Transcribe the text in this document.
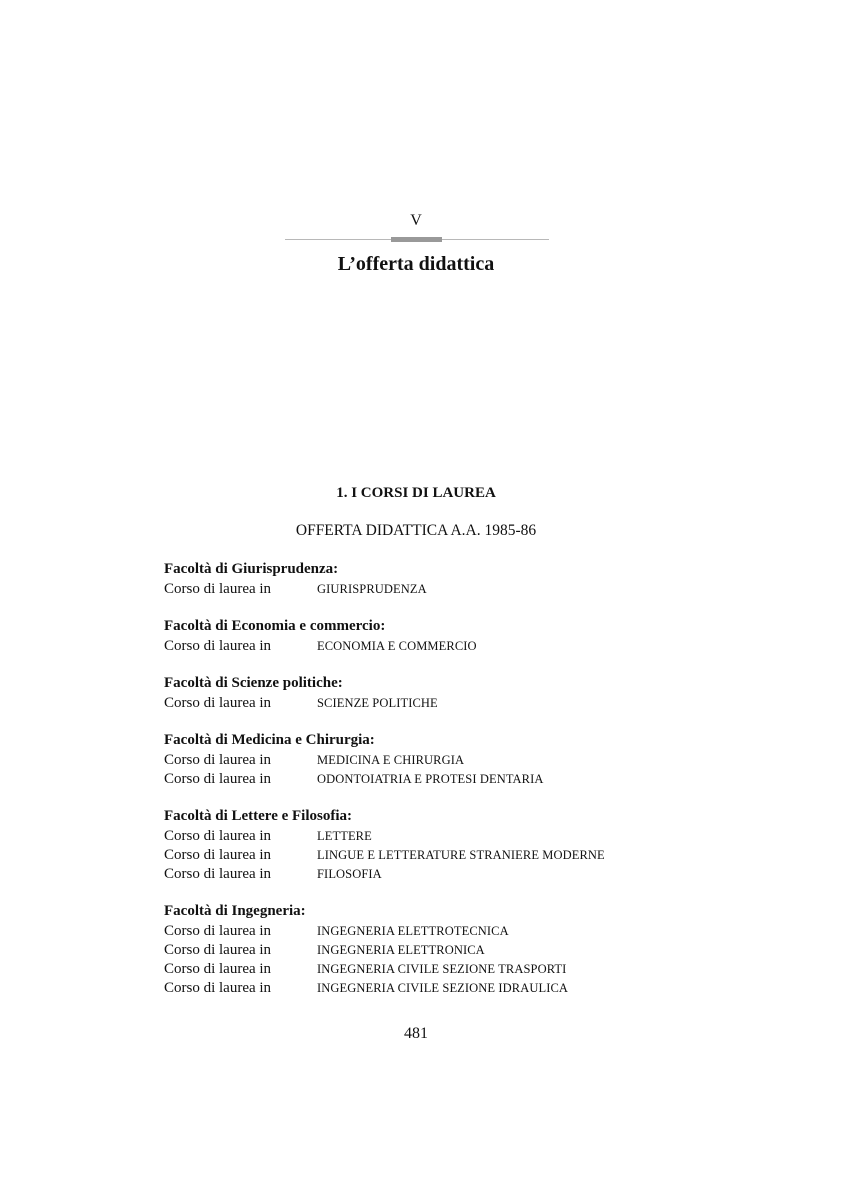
V
L’offerta didattica
1. I CORSI DI LAUREA
OFFERTA DIDATTICA A.A. 1985-86
Facoltà di Giurisprudenza:
Corso di laurea in	GIURISPRUDENZA
Facoltà di Economia e commercio:
Corso di laurea in	ECONOMIA E COMMERCIO
Facoltà di Scienze politiche:
Corso di laurea in	SCIENZE POLITICHE
Facoltà di Medicina e Chirurgia:
Corso di laurea in	MEDICINA E CHIRURGIA
Corso di laurea in	ODONTOIATRIA E PROTESI DENTARIA
Facoltà di Lettere e Filosofia:
Corso di laurea in	LETTERE
Corso di laurea in	LINGUE E LETTERATURE STRANIERE MODERNE
Corso di laurea in	FILOSOFIA
Facoltà di Ingegneria:
Corso di laurea in	INGEGNERIA ELETTROTECNICA
Corso di laurea in	INGEGNERIA ELETTRONICA
Corso di laurea in	INGEGNERIA CIVILE SEZIONE TRASPORTI
Corso di laurea in	INGEGNERIA CIVILE SEZIONE IDRAULICA
481
